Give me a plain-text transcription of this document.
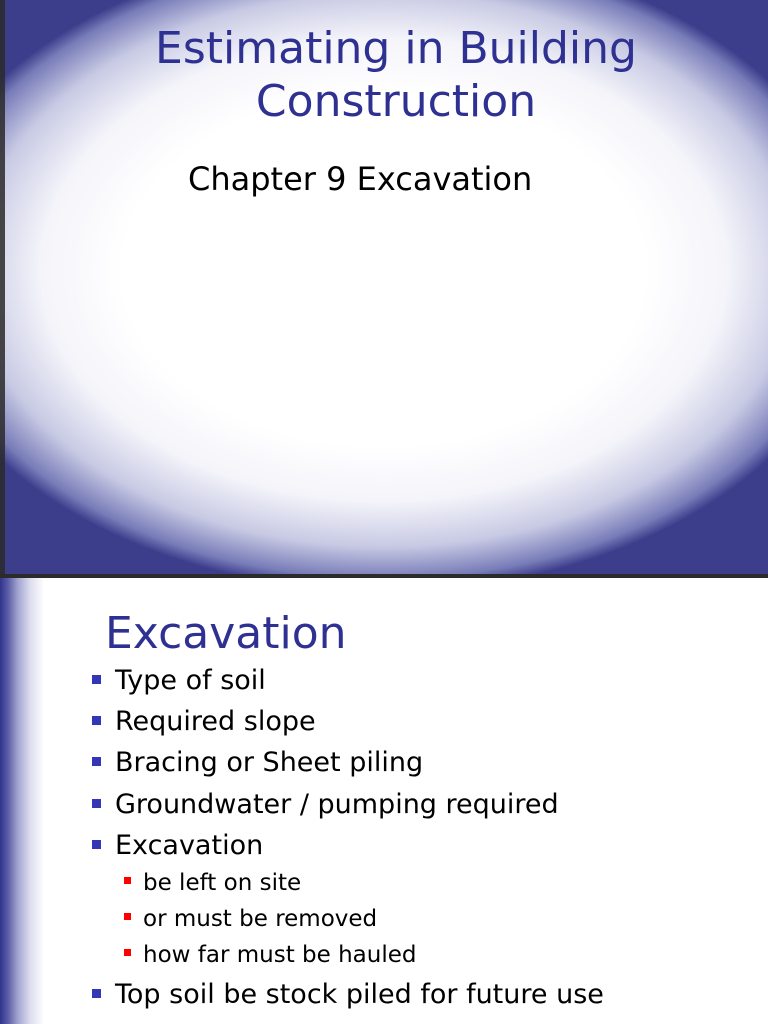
Estimating in Building
Construction
Chapter 9 Excavation
Excavation
Type of soil
Required slope
Bracing or Sheet piling
Groundwater / pumping required
Excavation
be left on site
or must be removed
how far must be hauled
Top soil be stock piled for future use
